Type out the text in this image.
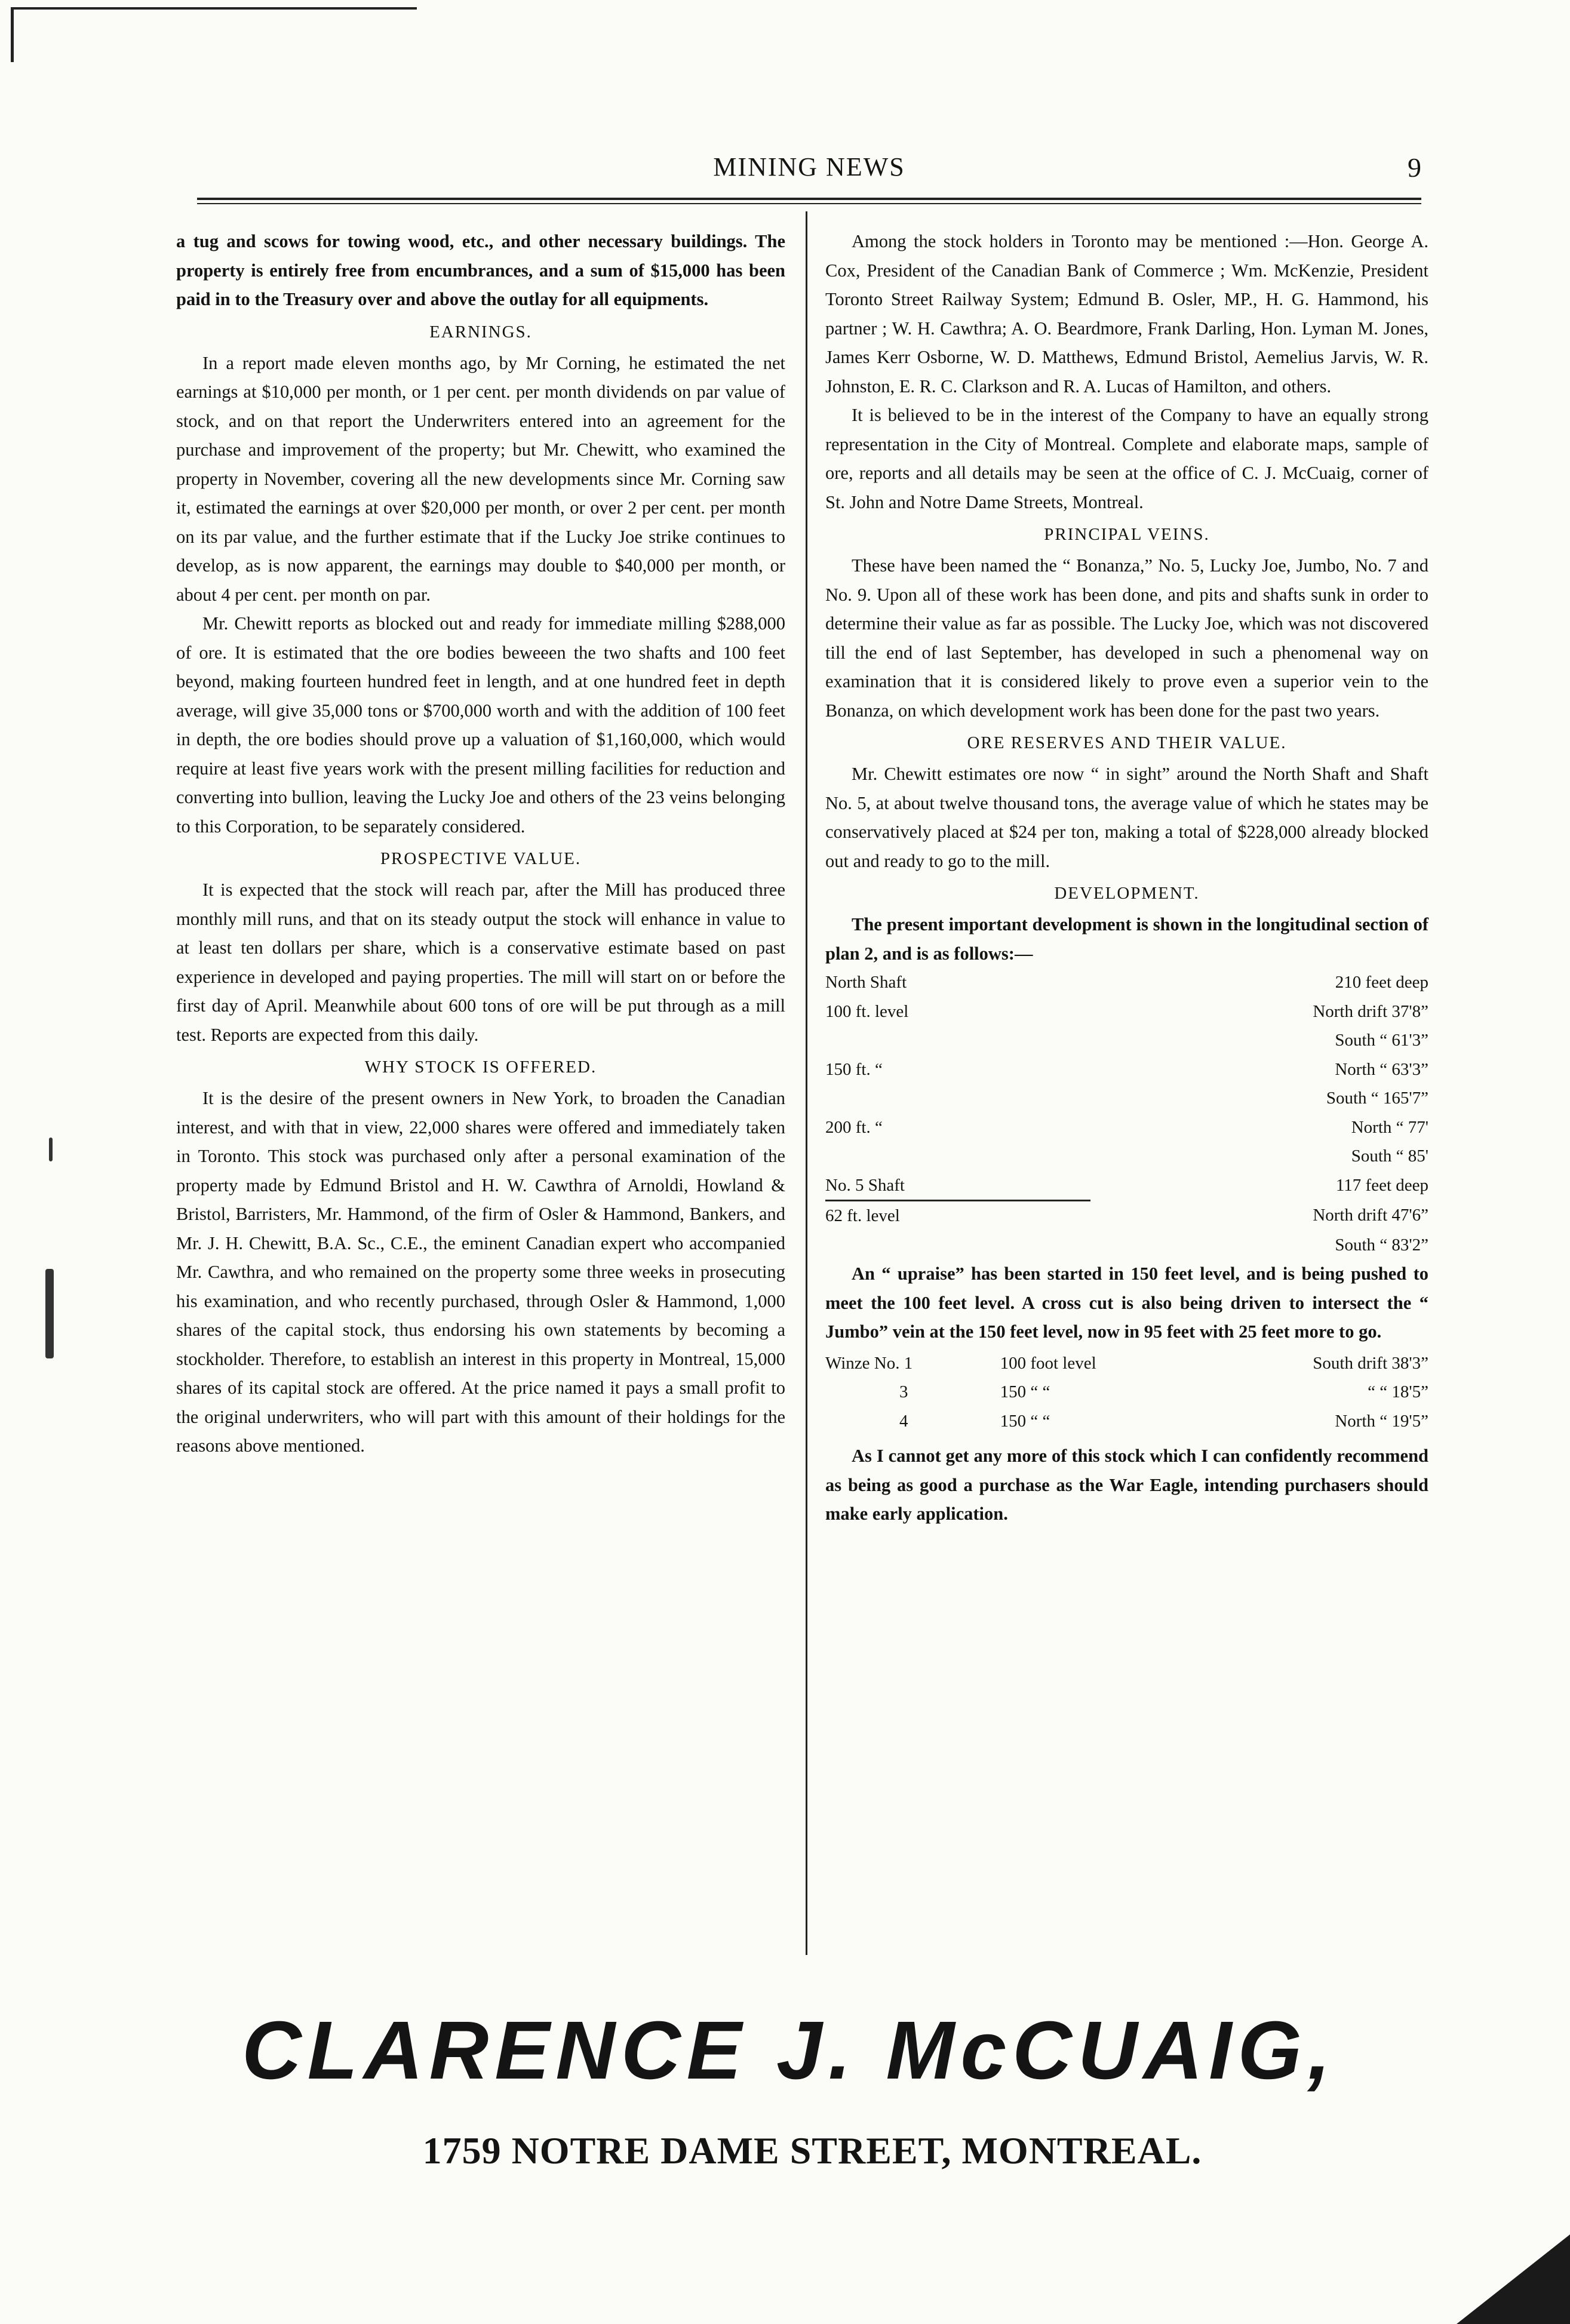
MINING NEWS	9

a tug and scows for towing wood, etc., and other necessary buildings. The property is entirely free from encumbrances, and a sum of $15,000 has been paid in to the Treasury over and above the outlay for all equipments.

EARNINGS.

In a report made eleven months ago, by Mr Corning, he estimated the net earnings at $10,000 per month, or 1 per cent. per month dividends on par value of stock, and on that report the Underwriters entered into an agreement for the purchase and improvement of the property; but Mr. Chewitt, who examined the property in November, covering all the new developments since Mr. Corning saw it, estimated the earnings at over $20,000 per month, or over 2 per cent. per month on its par value, and the further estimate that if the Lucky Joe strike continues to develop, as is now apparent, the earnings may double to $40,000 per month, or about 4 per cent. per month on par.

Mr. Chewitt reports as blocked out and ready for immediate milling $288,000 of ore. It is estimated that the ore bodies beweeen the two shafts and 100 feet beyond, making fourteen hundred feet in length, and at one hundred feet in depth average, will give 35,000 tons or $700,000 worth and with the addition of 100 feet in depth, the ore bodies should prove up a valuation of $1,160,000, which would require at least five years work with the present milling facilities for reduction and converting into bullion, leaving the Lucky Joe and others of the 23 veins belonging to this Corporation, to be separately considered.

PROSPECTIVE VALUE.

It is expected that the stock will reach par, after the Mill has produced three monthly mill runs, and that on its steady output the stock will enhance in value to at least ten dollars per share, which is a conservative estimate based on past experience in developed and paying properties. The mill will start on or before the first day of April. Meanwhile about 600 tons of ore will be put through as a mill test. Reports are expected from this daily.

WHY STOCK IS OFFERED.

It is the desire of the present owners in New York, to broaden the Canadian interest, and with that in view, 22,000 shares were offered and immediately taken in Toronto. This stock was purchased only after a personal examination of the property made by Edmund Bristol and H. W. Cawthra of Arnoldi, Howland & Bristol, Barristers, Mr. Hammond, of the firm of Osler & Hammond, Bankers, and Mr. J. H. Chewitt, B.A. Sc., C.E., the eminent Canadian expert who accompanied Mr. Cawthra, and who remained on the property some three weeks in prosecuting his examination, and who recently purchased, through Osler & Hammond, 1,000 shares of the capital stock, thus endorsing his own statements by becoming a stockholder. Therefore, to establish an interest in this property in Montreal, 15,000 shares of its capital stock are offered. At the price named it pays a small profit to the original underwriters, who will part with this amount of their holdings for the reasons above mentioned.

Among the stock holders in Toronto may be mentioned :—Hon. George A. Cox, President of the Canadian Bank of Commerce ; Wm. McKenzie, President Toronto Street Railway System; Edmund B. Osler, MP., H. G. Hammond, his partner ; W. H. Cawthra; A. O. Beardmore, Frank Darling, Hon. Lyman M. Jones, James Kerr Osborne, W. D. Matthews, Edmund Bristol, Aemelius Jarvis, W. R. Johnston, E. R. C. Clarkson and R. A. Lucas of Hamilton, and others.

It is believed to be in the interest of the Company to have an equally strong representation in the City of Montreal. Complete and elaborate maps, sample of ore, reports and all details may be seen at the office of C. J. McCuaig, corner of St. John and Notre Dame Streets, Montreal.

PRINCIPAL VEINS.

These have been named the “ Bonanza,” No. 5, Lucky Joe, Jumbo, No. 7 and No. 9. Upon all of these work has been done, and pits and shafts sunk in order to determine their value as far as possible. The Lucky Joe, which was not discovered till the end of last September, has developed in such a phenomenal way on examination that it is considered likely to prove even a superior vein to the Bonanza, on which development work has been done for the past two years.

ORE RESERVES AND THEIR VALUE.

Mr. Chewitt estimates ore now “ in sight” around the North Shaft and Shaft No. 5, at about twelve thousand tons, the average value of which he states may be conservatively placed at $24 per ton, making a total of $228,000 already blocked out and ready to go to the mill.

DEVELOPMENT.

The present important development is shown in the longitudinal section of plan 2, and is as follows:—

North Shaft	210 feet deep
100 ft. level	North drift 37'8”
	South “ 61'3”
150 ft. “	North “ 63'3”
	South “ 165'7”
200 ft. “	North “ 77'
	South “ 85'
No. 5 Shaft	117 feet deep
62 ft. level	North drift 47'6”
	South “ 83'2”

An “ upraise” has been started in 150 feet level, and is being pushed to meet the 100 feet level. A cross cut is also being driven to intersect the “ Jumbo” vein at the 150 feet level, now in 95 feet with 25 feet more to go.

Winze No. 1	100 foot level	South drift 38'3”
3	150 “ “	“ “ 18'5”
4	150 “ “	North “ 19'5”

As I cannot get any more of this stock which I can confidently recommend as being as good a purchase as the War Eagle, intending purchasers should make early application.

CLARENCE J. McCUAIG,
1759 NOTRE DAME STREET, MONTREAL.
